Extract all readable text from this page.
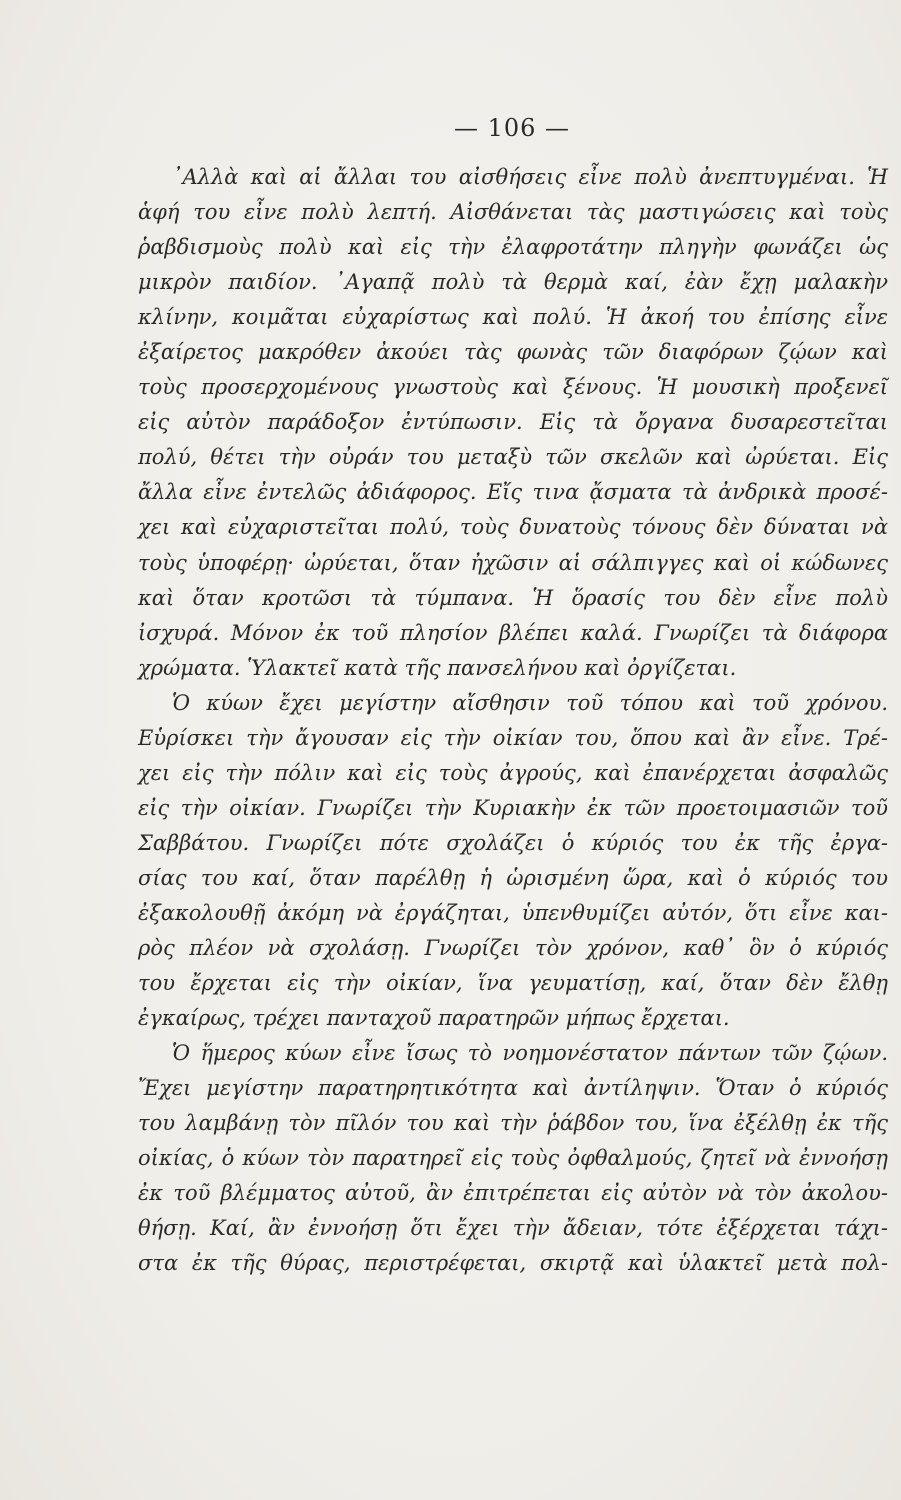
— 106 —
᾿Αλλὰ καὶ αἱ ἄλλαι του αἰσθήσεις εἶνε πολὺ ἀνεπτυγμέναι. Ἡ
ἁφή του εἶνε πολὺ λεπτή. Αἰσθάνεται τὰς μαστιγώσεις καὶ τοὺς
ῥαβδισμοὺς πολὺ καὶ εἰς τὴν ἐλαφροτάτην πληγὴν φωνάζει ὡς
μικρὸν παιδίον. ᾿Αγαπᾷ πολὺ τὰ θερμὰ καί, ἐὰν ἔχῃ μαλακὴν
κλίνην, κοιμᾶται εὐχαρίστως καὶ πολύ. Ἡ ἀκοή του ἐπίσης εἶνε
ἐξαίρετος μακρόθεν ἀκούει τὰς φωνὰς τῶν διαφόρων ζῴων καὶ
τοὺς προσερχομένους γνωστοὺς καὶ ξένους. Ἡ μουσικὴ προξενεῖ
εἰς αὐτὸν παράδοξον ἐντύπωσιν. Εἰς τὰ ὄργανα δυσαρεστεῖται
πολύ, θέτει τὴν οὐράν του μεταξὺ τῶν σκελῶν καὶ ὠρύεται. Εἰς
ἄλλα εἶνε ἐντελῶς ἀδιάφορος. Εἴς τινα ᾄσματα τὰ ἀνδρικὰ προσέ-
χει καὶ εὐχαριστεῖται πολύ, τοὺς δυνατοὺς τόνους δὲν δύναται νὰ
τοὺς ὑποφέρῃ· ὠρύεται, ὅταν ἠχῶσιν αἱ σάλπιγγες καὶ οἱ κώδωνες
καὶ ὅταν κροτῶσι τὰ τύμπανα. Ἡ ὅρασίς του δὲν εἶνε πολὺ
ἰσχυρά. Μόνον ἐκ τοῦ πλησίον βλέπει καλά. Γνωρίζει τὰ διάφορα
χρώματα. Ὑλακτεῖ κατὰ τῆς πανσελήνου καὶ ὀργίζεται.
Ὁ κύων ἔχει μεγίστην αἴσθησιν τοῦ τόπου καὶ τοῦ χρόνου.
Εὑρίσκει τὴν ἄγουσαν εἰς τὴν οἰκίαν του, ὅπου καὶ ἂν εἶνε. Τρέ-
χει εἰς τὴν πόλιν καὶ εἰς τοὺς ἀγρούς, καὶ ἐπανέρχεται ἀσφαλῶς
εἰς τὴν οἰκίαν. Γνωρίζει τὴν Κυριακὴν ἐκ τῶν προετοιμασιῶν τοῦ
Σαββάτου. Γνωρίζει πότε σχολάζει ὁ κύριός του ἐκ τῆς ἐργα-
σίας του καί, ὅταν παρέλθῃ ἡ ὡρισμένη ὥρα, καὶ ὁ κύριός του
ἐξακολουθῇ ἀκόμη νὰ ἐργάζηται, ὑπενθυμίζει αὐτόν, ὅτι εἶνε και-
ρὸς πλέον νὰ σχολάσῃ. Γνωρίζει τὸν χρόνον, καθ᾿ ὃν ὁ κύριός
του ἔρχεται εἰς τὴν οἰκίαν, ἵνα γευματίσῃ, καί, ὅταν δὲν ἔλθῃ
ἐγκαίρως, τρέχει πανταχοῦ παρατηρῶν μήπως ἔρχεται.
Ὁ ἥμερος κύων εἶνε ἴσως τὸ νοημονέστατον πάντων τῶν ζῴων.
Ἔχει μεγίστην παρατηρητικότητα καὶ ἀντίληψιν. Ὅταν ὁ κύριός
του λαμβάνῃ τὸν πῖλόν του καὶ τὴν ῥάβδον του, ἵνα ἐξέλθῃ ἐκ τῆς
οἰκίας, ὁ κύων τὸν παρατηρεῖ εἰς τοὺς ὀφθαλμούς, ζητεῖ νὰ ἐννοήσῃ
ἐκ τοῦ βλέμματος αὐτοῦ, ἂν ἐπιτρέπεται εἰς αὐτὸν νὰ τὸν ἀκολου-
θήσῃ. Καί, ἂν ἐννοήσῃ ὅτι ἔχει τὴν ἄδειαν, τότε ἐξέρχεται τάχι-
στα ἐκ τῆς θύρας, περιστρέφεται, σκιρτᾷ καὶ ὑλακτεῖ μετὰ πολ-
